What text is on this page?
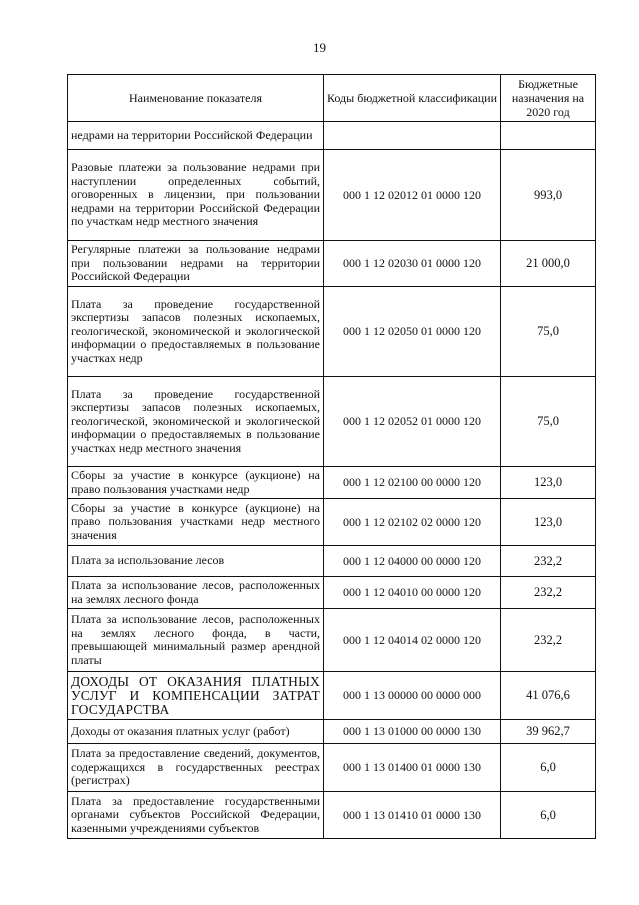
19
Наименование показателя	Коды бюджетной классификации	Бюджетные назначения на 2020 год
недрами на территории Российской Федерации		
Разовые платежи за пользование недрами при наступлении определенных событий, оговоренных в лицензии, при пользовании недрами на территории Российской Федерации по участкам недр местного значения	000 1 12 02012 01 0000 120	993,0
Регулярные платежи за пользование недрами при пользовании недрами на территории Российской Федерации	000 1 12 02030 01 0000 120	21 000,0
Плата за проведение государственной экспертизы запасов полезных ископаемых, геологической, экономической и экологической информации о предоставляемых в пользование участках недр	000 1 12 02050 01 0000 120	75,0
Плата за проведение государственной экспертизы запасов полезных ископаемых, геологической, экономической и экологической информации о предоставляемых в пользование участках недр местного значения	000 1 12 02052 01 0000 120	75,0
Сборы за участие в конкурсе (аукционе) на право пользования участками недр	000 1 12 02100 00 0000 120	123,0
Сборы за участие в конкурсе (аукционе) на право пользования участками недр местного значения	000 1 12 02102 02 0000 120	123,0
Плата за использование лесов	000 1 12 04000 00 0000 120	232,2
Плата за использование лесов, расположенных на землях лесного фонда	000 1 12 04010 00 0000 120	232,2
Плата за использование лесов, расположенных на землях лесного фонда, в части, превышающей минимальный размер арендной платы	000 1 12 04014 02 0000 120	232,2
ДОХОДЫ ОТ ОКАЗАНИЯ ПЛАТНЫХ УСЛУГ И КОМПЕНСАЦИИ ЗАТРАТ ГОСУДАРСТВА	000 1 13 00000 00 0000 000	41 076,6
Доходы от оказания платных услуг (работ)	000 1 13 01000 00 0000 130	39 962,7
Плата за предоставление сведений, документов, содержащихся в государственных реестрах (регистрах)	000 1 13 01400 01 0000 130	6,0
Плата за предоставление государственными органами субъектов Российской Федерации, казенными учреждениями субъектов	000 1 13 01410 01 0000 130	6,0
